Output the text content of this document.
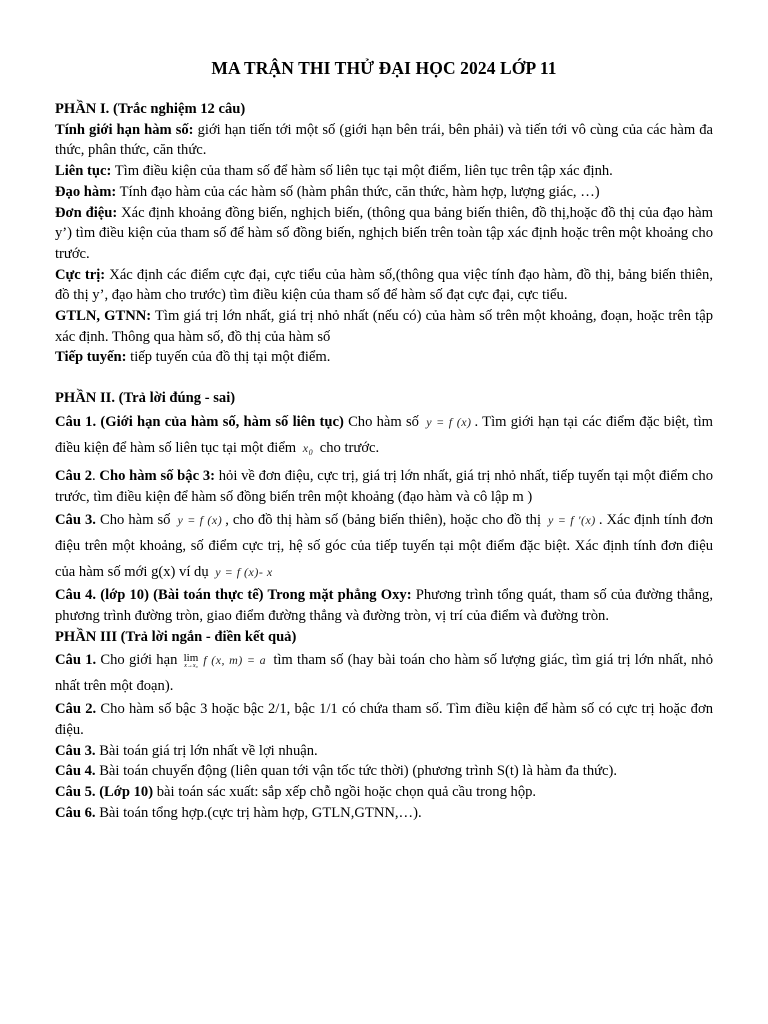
MA TRẬN THI THỬ ĐẠI HỌC 2024 LỚP 11

PHẦN I. (Trắc nghiệm 12 câu)

Tính giới hạn hàm số: giới hạn tiến tới một số (giới hạn bên trái, bên phải) và tiến tới vô cùng của các hàm đa thức, phân thức, căn thức.

Liên tục: Tìm điều kiện của tham số để hàm số liên tục tại một điểm, liên tục trên tập xác định.

Đạo hàm: Tính đạo hàm của các hàm số (hàm phân thức, căn thức, hàm hợp, lượng giác, …)

Đơn điệu: Xác định khoảng đồng biến, nghịch biến, (thông qua bảng biến thiên, đồ thị,hoặc đồ thị của đạo hàm y’) tìm điều kiện của tham số để hàm số đồng biến, nghịch biến trên toàn tập xác định hoặc trên một khoảng cho trước.

Cực trị: Xác định các điểm cực đại, cực tiểu của hàm số,(thông qua việc tính đạo hàm, đồ thị, bảng biến thiên, đồ thị y’, đạo hàm cho trước) tìm điều kiện của tham số để hàm số đạt cực đại, cực tiểu.

GTLN, GTNN: Tìm giá trị lớn nhất, giá trị nhỏ nhất (nếu có) của hàm số trên một khoảng, đoạn, hoặc trên tập xác định. Thông qua hàm số, đồ thị của hàm số

Tiếp tuyến: tiếp tuyến của đồ thị tại một điểm.

PHẦN II. (Trả lời đúng - sai)

Câu 1. (Giới hạn của hàm số, hàm số liên tục) Cho hàm số y = f (x) . Tìm giới hạn tại các điểm đặc biệt, tìm điều kiện để hàm số liên tục tại một điểm $x_0$ cho trước.

Câu 2. Cho hàm số bậc 3: hỏi về đơn điệu, cực trị, giá trị lớn nhất, giá trị nhỏ nhất, tiếp tuyến tại một điểm cho trước, tìm điều kiện để hàm số đồng biến trên một khoảng (đạo hàm và cô lập m )

Câu 3. Cho hàm số y = f (x) , cho đồ thị hàm số (bảng biến thiên), hoặc cho đồ thị y = f '(x) . Xác định tính đơn điệu trên một khoảng, số điểm cực trị, hệ số góc của tiếp tuyến tại một điểm đặc biệt. Xác định tính đơn điệu của hàm số mới g(x) ví dụ y = f (x)- x

Câu 4. (lớp 10) (Bài toán thực tế) Trong mặt phẳng Oxy: Phương trình tổng quát, tham số của đường thẳng, phương trình đường tròn, giao điểm đường thẳng và đường tròn, vị trí của điểm và đường tròn.

PHẦN III (Trả lời ngắn - điền kết quả)

Câu 1. Cho giới hạn lim
x→x₀ f (x, m) = a tìm tham số (hay bài toán cho hàm số lượng giác, tìm giá trị lớn nhất, nhỏ nhất trên một đoạn).

Câu 2. Cho hàm số bậc 3 hoặc bậc 2/1, bậc 1/1 có chứa tham số. Tìm điều kiện để hàm số có cực trị hoặc đơn điệu.

Câu 3. Bài toán giá trị lớn nhất về lợi nhuận.

Câu 4. Bài toán chuyển động (liên quan tới vận tốc tức thời) (phương trình S(t) là hàm đa thức).

Câu 5. (Lớp 10) bài toán sác xuất: sắp xếp chỗ ngồi hoặc chọn quả cầu trong hộp.

Câu 6. Bài toán tổng hợp.(cực trị hàm hợp, GTLN,GTNN,…).
